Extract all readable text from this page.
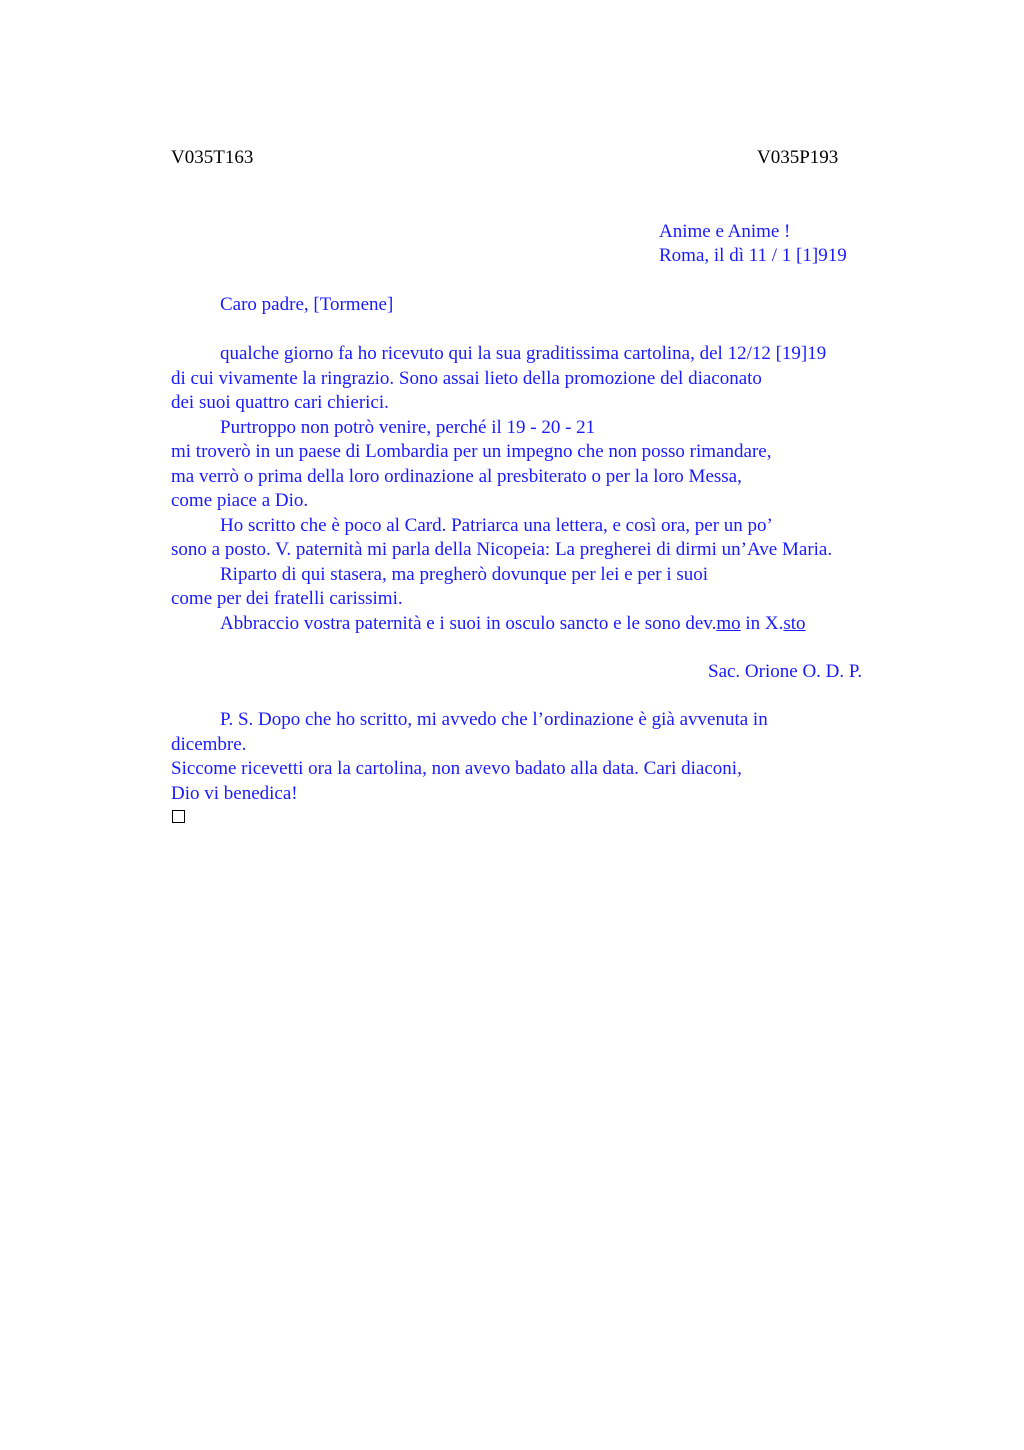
V035T163	V035P193
Anime e Anime !
Roma, il dì 11 / 1 [1]919
Caro padre, [Tormene]
qualche giorno fa ho ricevuto qui la sua graditissima cartolina, del 12/12 [19]19
di cui vivamente la ringrazio. Sono assai lieto della promozione del diaconato
dei suoi quattro cari chierici.
Purtroppo non potrò venire, perché il 19 - 20 - 21
mi troverò in un paese di Lombardia per un impegno che non posso rimandare,
ma verrò o prima della loro ordinazione al presbiterato o per la loro Messa,
come piace a Dio.
Ho scritto che è poco al Card. Patriarca una lettera, e così ora, per un po’
sono a posto. V. paternità mi parla della Nicopeia: La pregherei di dirmi un’Ave Maria.
Riparto di qui stasera, ma pregherò dovunque per lei e per i suoi
come per dei fratelli carissimi.
Abbraccio vostra paternità e i suoi in osculo sancto e le sono dev.mo in X.sto
Sac. Orione O. D. P.
P. S. Dopo che ho scritto, mi avvedo che l’ordinazione è già avvenuta in
dicembre.
Siccome ricevetti ora la cartolina, non avevo badato alla data. Cari diaconi,
Dio vi benedica!
